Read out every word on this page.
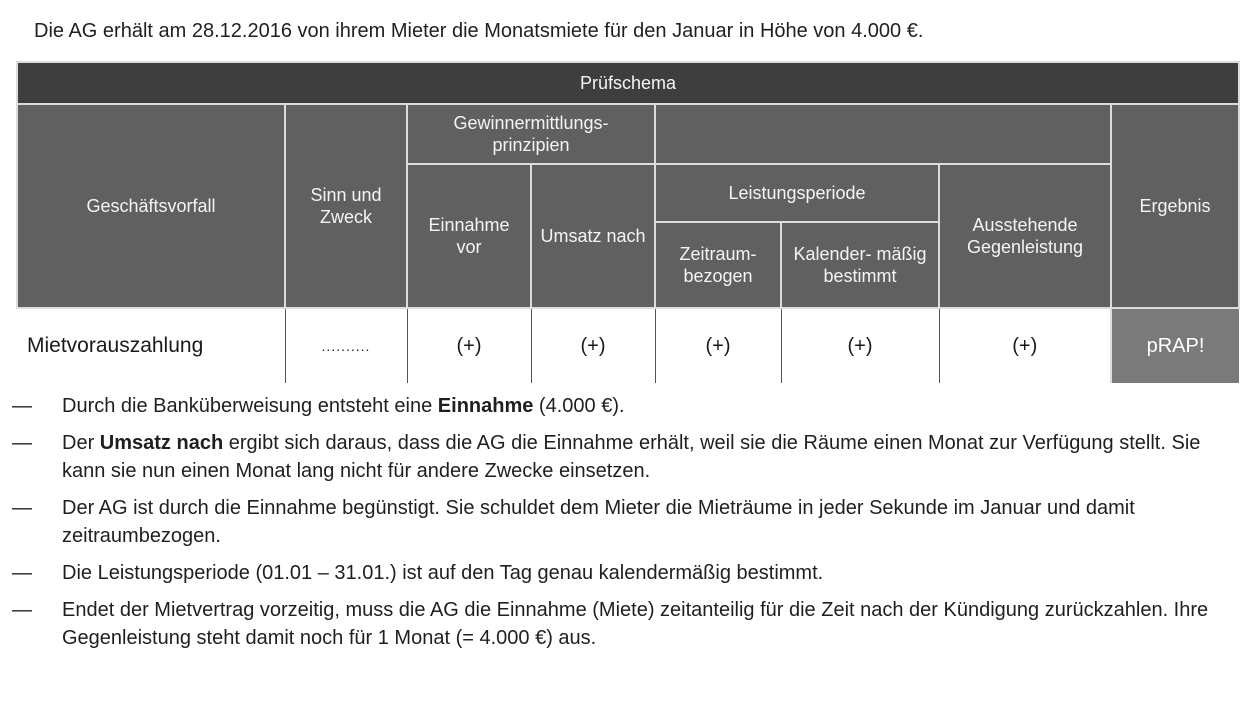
Die AG erhält am 28.12.2016 von ihrem Mieter die Monatsmiete für den Januar in Höhe von 4.000 €.
Prüfschema							
Geschäftsvorfall	Sinn und Zweck	Gewinnermittlungs- prinzipien					Ergebnis
		Einnahme vor	Umsatz nach	Leistungsperiode		Ausstehende Gegenleistung	
				Zeitraum- bezogen	Kalender- mäßig bestimmt		
Mietvorauszahlung	..........	(+)	(+)	(+)	(+)	(+)	pRAP!
—	Durch die Banküberweisung entsteht eine Einnahme (4.000 €).
—	Der Umsatz nach ergibt sich daraus, dass die AG die Einnahme erhält, weil sie die Räume einen Monat zur Verfügung stellt. Sie kann sie nun einen Monat lang nicht für andere Zwecke einsetzen.
—	Der AG ist durch die Einnahme begünstigt. Sie schuldet dem Mieter die Mieträume in jeder Sekunde im Januar und damit zeitraumbezogen.
—	Die Leistungsperiode (01.01 – 31.01.) ist auf den Tag genau kalendermäßig bestimmt.
—	Endet der Mietvertrag vorzeitig, muss die AG die Einnahme (Miete) zeitanteilig für die Zeit nach der Kündigung zurückzahlen. Ihre Gegenleistung steht damit noch für 1 Monat (= 4.000 €) aus.
